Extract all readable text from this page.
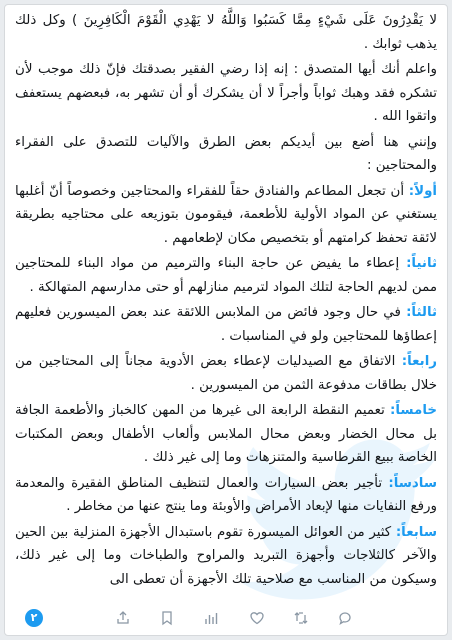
لا يَقْدِرُونَ عَلَى شَيْءٍ مِمَّا كَسَبُوا وَاللَّهُ لا يَهْدِي الْقَوْمَ الْكَافِرِينَ ) وكل ذلك يذهب ثوابك .

واعلم أنك أيها المتصدق : إنه إذا رضي الفقير بصدقتك فإنّ ذلك موجب لأن تشكره فقد وهبك ثواباً وأجراً لا أن يشكرك أو أن تشهر به، فبعضهم يستعفف واتقوا الله .

وإنني هنا أضع بين أيديكم بعض الطرق والآليات للتصدق على الفقراء والمحتاجين :

أولاً: أن تجعل المطاعم والفنادق حقاً للفقراء والمحتاجين وخصوصاً أنّ أغلبها يستغني عن المواد الأولية للأطعمة، فيقومون بتوزيعه على محتاجيه بطريقة لائقة تحفظ كرامتهم أو بتخصيص مكان لإطعامهم .

ثانياً: إعطاء ما يفيض عن حاجة البناء والترميم من مواد البناء للمحتاجين ممن لديهم الحاجة لتلك المواد لترميم منازلهم أو حتى مدارسهم المتهالكة .

ثالثاً: في حال وجود فائض من الملابس اللائقة عند بعض الميسورين فعليهم إعطاؤها للمحتاجين ولو في المناسبات .

رابعاً: الاتفاق مع الصيدليات لإعطاء بعض الأدوية مجاناً إلى المحتاجين من خلال بطاقات مدفوعة الثمن من الميسورين .

خامساً: تعميم النقطة الرابعة الى غيرها من المهن كالخباز والأطعمة الجافة بل محال الخضار وبعض محال الملابس وألعاب الأطفال وبعض المكتبات الخاصة ببيع القرطاسية والمتنزهات وما إلى غير ذلك .

سادساً: تأجير بعض السيارات والعمال لتنظيف المناطق الفقيرة والمعدمة ورفع النفايات منها لإبعاد الأمراض والأوبئة وما ينتج عنها من مخاطر .

سابعاً: كثير من العوائل الميسورة تقوم باستبدال الأجهزة المنزلية بين الحين والآخر كالثلاجات وأجهزة التبريد والمراوح والطباخات وما إلى غير ذلك، وسيكون من المناسب مع صلاحية تلك الأجهزة أن تعطى الى

٢
